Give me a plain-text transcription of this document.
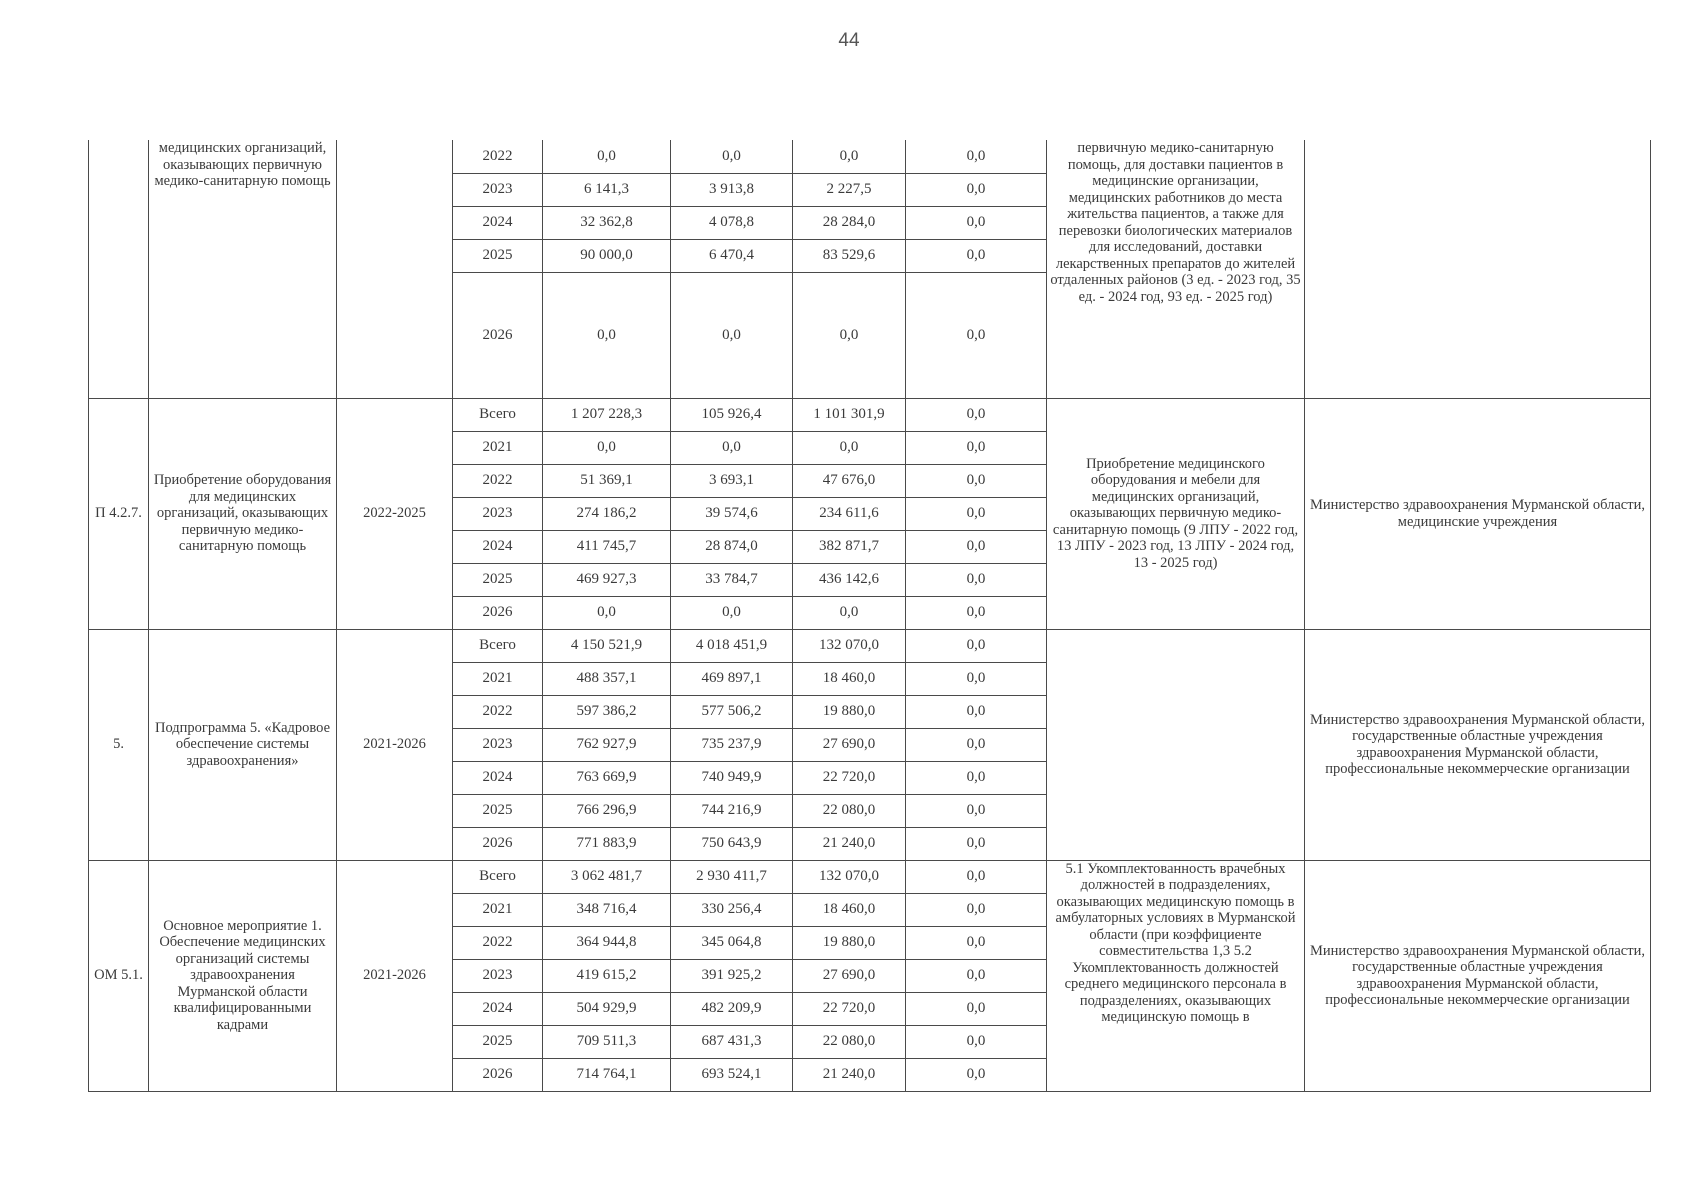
44
	медицинских организаций, оказывающих первичную медико-санитарную помощь		2022	0,0	0,0	0,0	0,0	первичную медико-санитарную помощь, для доставки пациентов в медицинские организации, медицинских работников до места жительства пациентов, а также для перевозки биологических материалов для исследований, доставки лекарственных препаратов до жителей отдаленных районов (3 ед. - 2023 год, 35 ед. - 2024 год, 93 ед. - 2025 год)	
			2023	6 141,3	3 913,8	2 227,5	0,0		
			2024	32 362,8	4 078,8	28 284,0	0,0		
			2025	90 000,0	6 470,4	83 529,6	0,0		
			2026	0,0	0,0	0,0	0,0		
П 4.2.7.	Приобретение оборудования для медицинских организаций, оказывающих первичную медико-санитарную помощь	2022-2025	Всего	1 207 228,3	105 926,4	1 101 301,9	0,0	Приобретение медицинского оборудования и мебели для медицинских организаций, оказывающих первичную медико-санитарную помощь (9 ЛПУ - 2022 год, 13 ЛПУ - 2023 год, 13 ЛПУ - 2024 год, 13 - 2025 год)	Министерство здравоохранения Мурманской области, медицинские учреждения
			2021	0,0	0,0	0,0	0,0		
			2022	51 369,1	3 693,1	47 676,0	0,0		
			2023	274 186,2	39 574,6	234 611,6	0,0		
			2024	411 745,7	28 874,0	382 871,7	0,0		
			2025	469 927,3	33 784,7	436 142,6	0,0		
			2026	0,0	0,0	0,0	0,0		
5.	Подпрограмма 5. «Кадровое обеспечение системы здравоохранения»	2021-2026	Всего	4 150 521,9	4 018 451,9	132 070,0	0,0		Министерство здравоохранения Мурманской области, государственные областные учреждения здравоохранения Мурманской области, профессиональные некоммерческие организации
			2021	488 357,1	469 897,1	18 460,0	0,0		
			2022	597 386,2	577 506,2	19 880,0	0,0		
			2023	762 927,9	735 237,9	27 690,0	0,0		
			2024	763 669,9	740 949,9	22 720,0	0,0		
			2025	766 296,9	744 216,9	22 080,0	0,0		
			2026	771 883,9	750 643,9	21 240,0	0,0		
ОМ 5.1.	Основное мероприятие 1. Обеспечение медицинских организаций системы здравоохранения Мурманской области квалифицированными кадрами	2021-2026	Всего	3 062 481,7	2 930 411,7	132 070,0	0,0	5.1 Укомплектованность врачебных должностей в подразделениях, оказывающих медицинскую помощь в амбулаторных условиях в Мурманской области (при коэффициенте совместительства 1,3 5.2 Укомплектованность должностей среднего медицинского персонала в подразделениях, оказывающих медицинскую помощь в	Министерство здравоохранения Мурманской области, государственные областные учреждения здравоохранения Мурманской области, профессиональные некоммерческие организации
			2021	348 716,4	330 256,4	18 460,0	0,0		
			2022	364 944,8	345 064,8	19 880,0	0,0		
			2023	419 615,2	391 925,2	27 690,0	0,0		
			2024	504 929,9	482 209,9	22 720,0	0,0		
			2025	709 511,3	687 431,3	22 080,0	0,0		
			2026	714 764,1	693 524,1	21 240,0	0,0		
